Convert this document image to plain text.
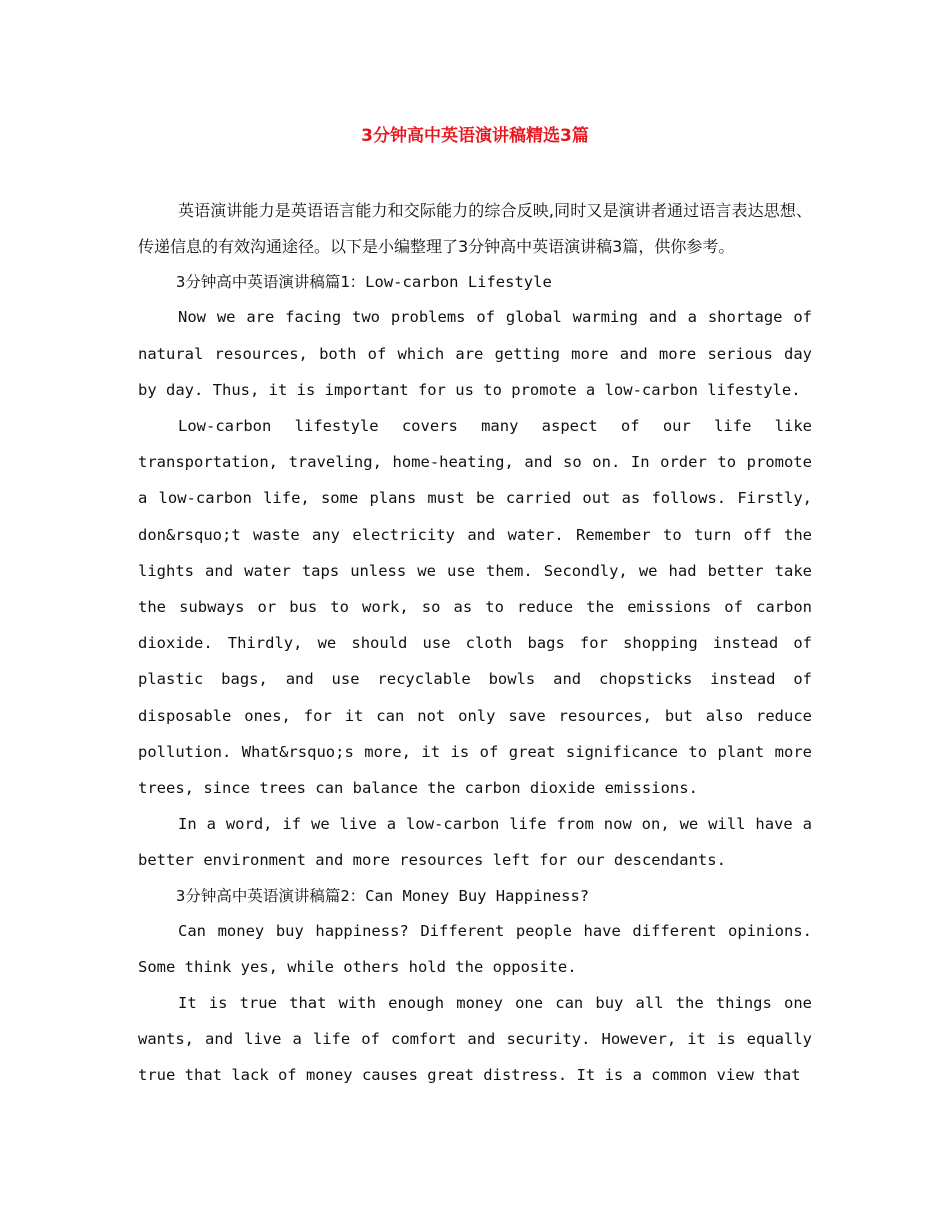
3分钟高中英语演讲稿精选3篇

英语演讲能力是英语语言能力和交际能力的综合反映,同时又是演讲者通过语言表达思想、传递信息的有效沟通途径。以下是小编整理了3分钟高中英语演讲稿3篇，供你参考。

3分钟高中英语演讲稿篇1：Low-carbon Lifestyle

Now we are facing two problems of global warming and a shortage of natural resources, both of which are getting more and more serious day by day. Thus, it is important for us to promote a low-carbon lifestyle.

Low-carbon lifestyle covers many aspect of our life like transportation, traveling, home-heating, and so on. In order to promote a low-carbon life, some plans must be carried out as follows. Firstly, don&rsquo;t waste any electricity and water. Remember to turn off the lights and water taps unless we use them. Secondly, we had better take the subways or bus to work, so as to reduce the emissions of carbon dioxide. Thirdly, we should use cloth bags for shopping instead of plastic bags, and use recyclable bowls and chopsticks instead of disposable ones, for it can not only save resources, but also reduce pollution. What&rsquo;s more, it is of great significance to plant more trees, since trees can balance the carbon dioxide emissions.

In a word, if we live a low-carbon life from now on, we will have a better environment and more resources left for our descendants.

3分钟高中英语演讲稿篇2：Can Money Buy Happiness?

Can money buy happiness? Different people have different opinions. Some think yes, while others hold the opposite.

It is true that with enough money one can buy all the things one wants, and live a life of comfort and security. However, it is equally true that lack of money causes great distress. It is a common view that
